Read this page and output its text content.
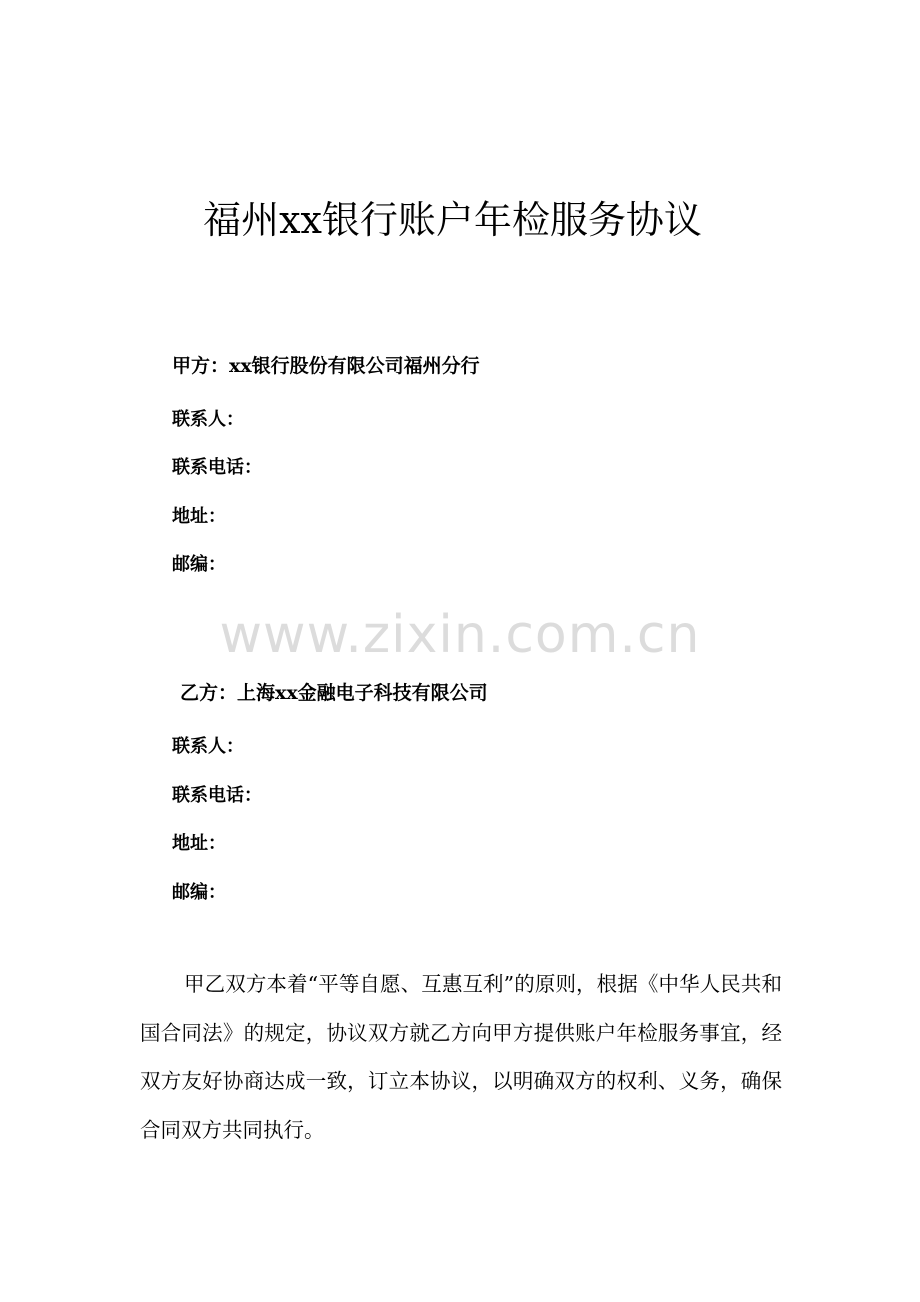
福州xx银行账户年检服务协议

甲方：xx银行股份有限公司福州分行

联系人：

联系电话：

地址：

邮编：

www.zixin.com.cn

乙方：上海xx金融电子科技有限公司

联系人：

联系电话：

地址：

邮编：

甲乙双方本着“平等自愿、互惠互利”的原则，根据《中华人民共和国合同法》的规定，协议双方就乙方向甲方提供账户年检服务事宜，经双方友好协商达成一致，订立本协议，以明确双方的权利、义务，确保合同双方共同执行。
